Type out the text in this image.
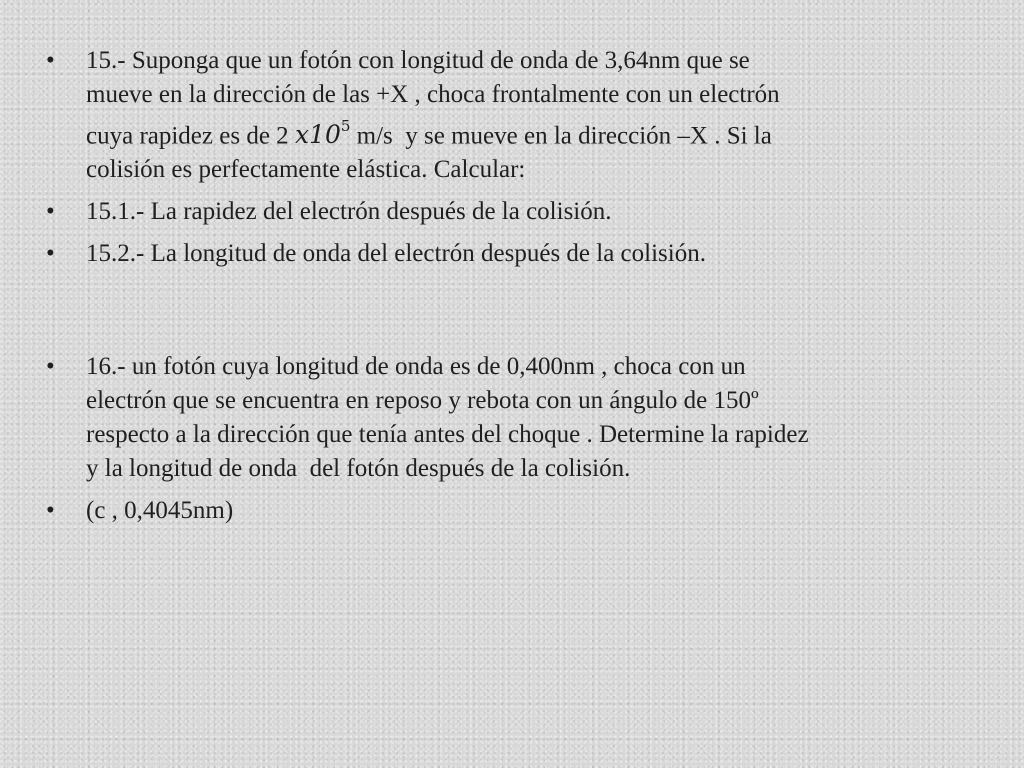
•	15.- Suponga que un fotón con longitud de onda de 3,64nm que se
mueve en la dirección de las +X , choca frontalmente con un electrón
cuya rapidez es de 2 $x10^5$ m/s  y se mueve en la dirección –X . Si la
colisión es perfectamente elástica. Calcular:
•	15.1.- La rapidez del electrón después de la colisión.
•	15.2.- La longitud de onda del electrón después de la colisión.
•	16.- un fotón cuya longitud de onda es de 0,400nm , choca con un
electrón que se encuentra en reposo y rebota con un ángulo de 150º
respecto a la dirección que tenía antes del choque . Determine la rapidez
y la longitud de onda  del fotón después de la colisión.
•	(c , 0,4045nm)
